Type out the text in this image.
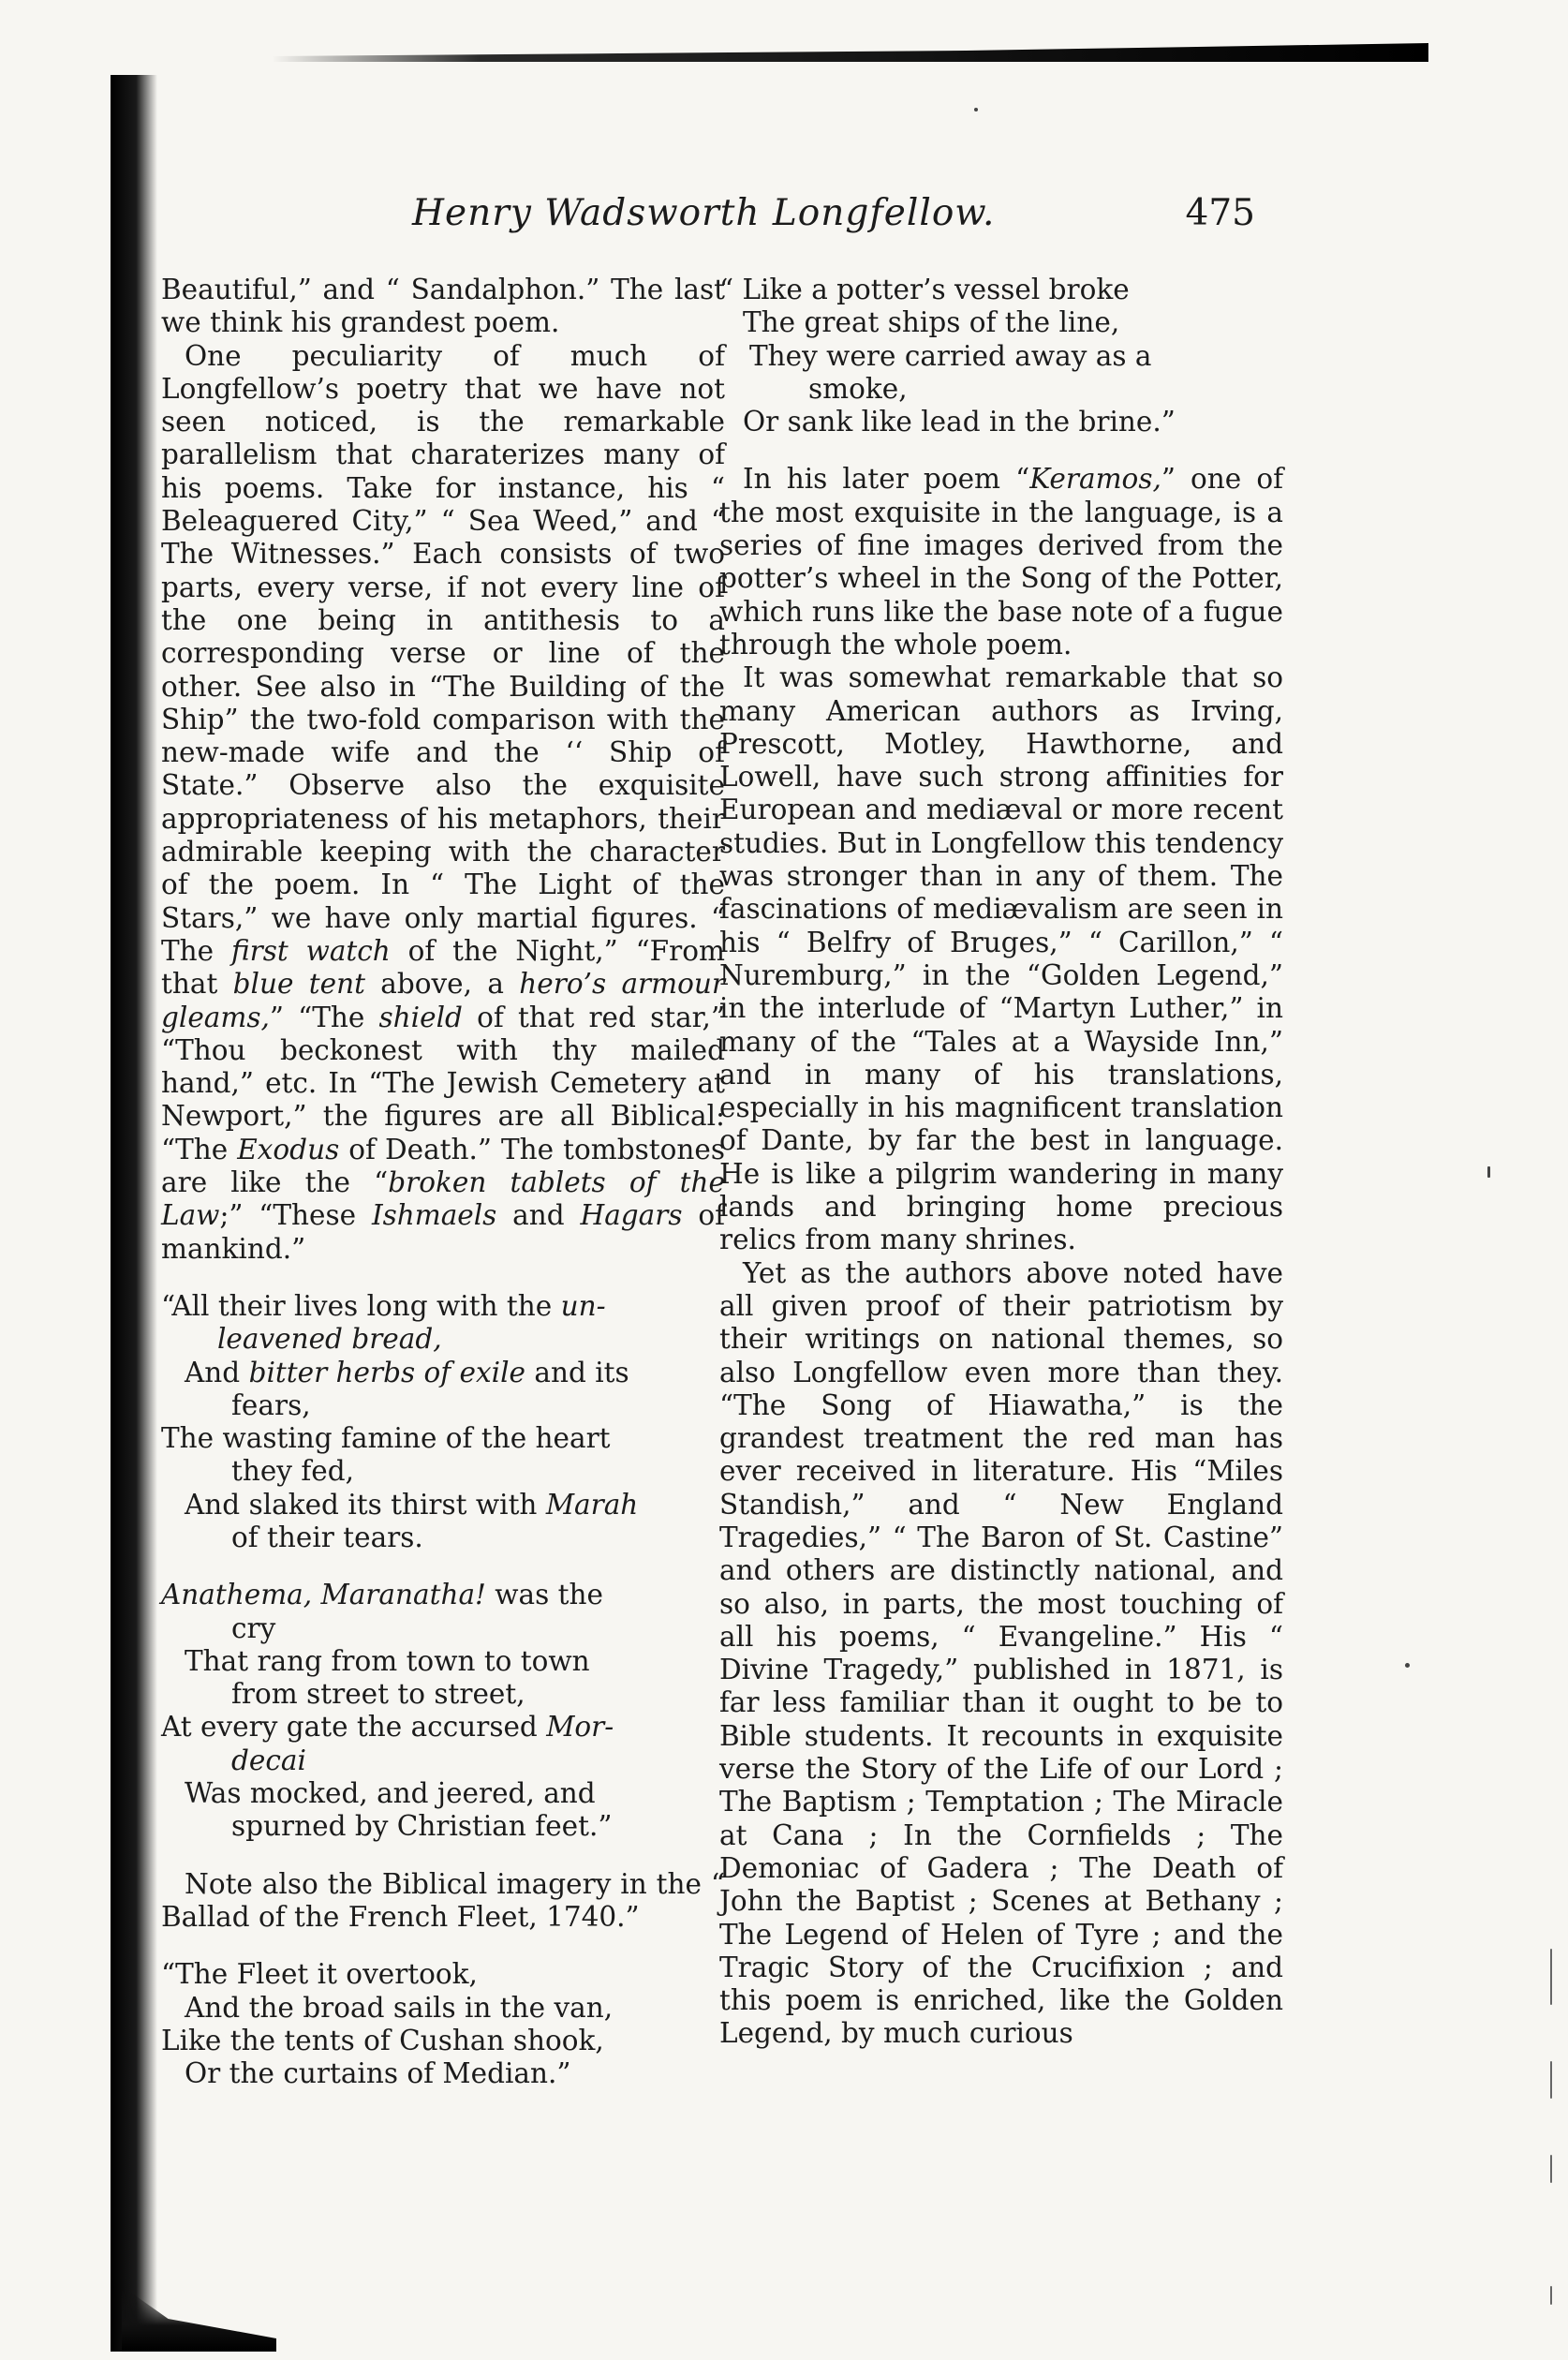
Henry Wadsworth Longfellow.	475

Beautiful,” and “ Sandalphon.” The last we think his grandest poem.

One peculiarity of much of Longfellow’s poetry that we have not seen noticed, is the remarkable parallelism that charaterizes many of his poems. Take for instance, his “ Beleaguered City,” “ Sea Weed,” and “ The Witnesses.” Each consists of two parts, every verse, if not every line of the one being in antithesis to a corresponding verse or line of the other. See also in “The Building of the Ship” the two-fold comparison with the new-made wife and the ‘‘ Ship of State.” Observe also the exquisite appropriateness of his metaphors, their admirable keeping with the character of the poem. In “ The Light of the Stars,” we have only martial figures. “ The first watch of the Night,” “From that blue tent above, a hero’s armour gleams,” “The shield of that red star,” “Thou beckonest with thy mailed hand,” etc. In “The Jewish Cemetery at Newport,” the figures are all Biblical: “The Exodus of Death.” The tombstones are like the “broken tablets of the Law;” “These Ishmaels and Hagars of mankind.”

“All their lives long with the un-
leavened bread,
And bitter herbs of exile and its
fears,
The wasting famine of the heart
they fed,
And slaked its thirst with Marah
of their tears.
Anathema, Maranatha! was the
cry
That rang from town to town
from street to street,
At every gate the accursed Mor-
decai
Was mocked, and jeered, and
spurned by Christian feet.”

Note also the Biblical imagery in the “ Ballad of the French Fleet, 1740.”

“The Fleet it overtook,
And the broad sails in the van,
Like the tents of Cushan shook,
Or the curtains of Median.”
“ Like a potter’s vessel broke
The great ships of the line,
They were carried away as a
smoke,
Or sank like lead in the brine.”

In his later poem “Keramos,” one of the most exquisite in the language, is a series of fine images derived from the potter’s wheel in the Song of the Potter, which runs like the base note of a fugue through the whole poem.

It was somewhat remarkable that so many American authors as Irving, Prescott, Motley, Hawthorne, and Lowell, have such strong affinities for European and mediæval or more recent studies. But in Longfellow this tendency was stronger than in any of them. The fascinations of mediævalism are seen in his “ Belfry of Bruges,” “ Carillon,” “ Nuremburg,” in the “Golden Legend,” in the interlude of “Martyn Luther,” in many of the “Tales at a Wayside Inn,” and in many of his translations, especially in his magnificent translation of Dante, by far the best in language. He is like a pilgrim wandering in many lands and bringing home precious relics from many shrines.

Yet as the authors above noted have all given proof of their patriotism by their writings on national themes, so also Longfellow even more than they. “The Song of Hiawatha,” is the grandest treatment the red man has ever received in literature. His “Miles Standish,” and “ New England Tragedies,” “ The Baron of St. Castine” and others are distinctly national, and so also, in parts, the most touching of all his poems, “ Evangeline.” His “ Divine Tragedy,” published in 1871, is far less familiar than it ought to be to Bible students. It recounts in exquisite verse the Story of the Life of our Lord ; The Baptism ; Temptation ; The Miracle at Cana ; In the Cornfields ; The Demoniac of Gadera ; The Death of John the Baptist ; Scenes at Bethany ; The Legend of Helen of Tyre ; and the Tragic Story of the Crucifixion ; and this poem is enriched, like the Golden Legend, by much curious
